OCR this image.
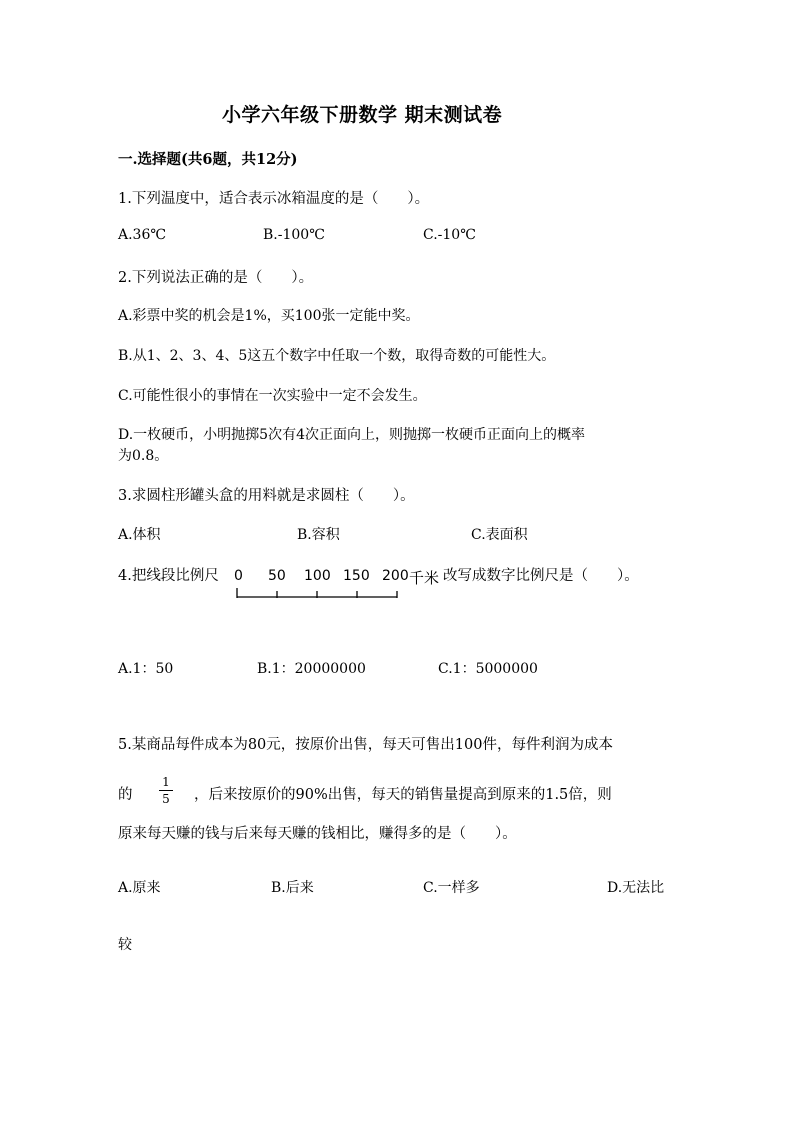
小学六年级下册数学 期末测试卷
一.选择题(共6题，共12分)
1.下列温度中，适合表示冰箱温度的是（　　）。
A.36℃	B.-100℃	C.-10℃
2.下列说法正确的是（　　）。
A.彩票中奖的机会是1%，买100张一定能中奖。
B.从1、2、3、4、5这五个数字中任取一个数，取得奇数的可能性大。
C.可能性很小的事情在一次实验中一定不会发生。
D.一枚硬币，小明抛掷5次有4次正面向上，则抛掷一枚硬币正面向上的概率
为0.8。
3.求圆柱形罐头盒的用料就是求圆柱（　　）。
A.体积	B.容积	C.表面积
4.把线段比例尺 0 50 100 150 200 千米 改写成数字比例尺是（　　）。
A.1：50	B.1：20000000	C.1：5000000
5.某商品每件成本为80元，按原价出售，每天可售出100件，每件利润为成本
的
1
5 ，后来按原价的90%出售，每天的销售量提高到原来的1.5倍，则
原来每天赚的钱与后来每天赚的钱相比，赚得多的是（　　）。
A.原来	B.后来	C.一样多	D.无法比
较
